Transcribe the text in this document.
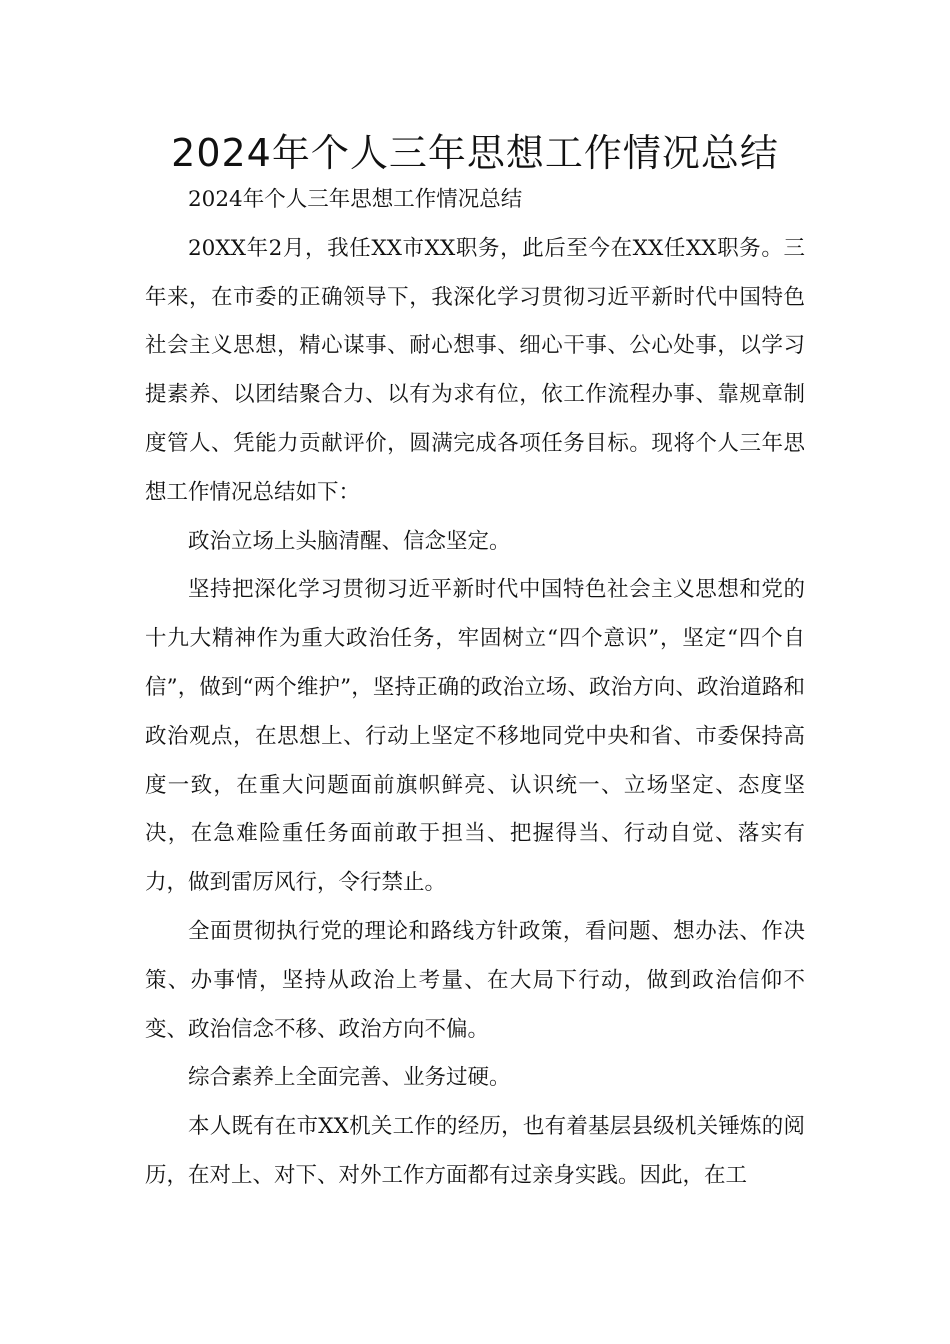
2024年个人三年思想工作情况总结

2024年个人三年思想工作情况总结

20XX年2月，我任XX市XX职务，此后至今在XX任XX职务。三年来，在市委的正确领导下，我深化学习贯彻习近平新时代中国特色社会主义思想，精心谋事、耐心想事、细心干事、公心处事，以学习提素养、以团结聚合力、以有为求有位，依工作流程办事、靠规章制度管人、凭能力贡献评价，圆满完成各项任务目标。现将个人三年思想工作情况总结如下：

政治立场上头脑清醒、信念坚定。

坚持把深化学习贯彻习近平新时代中国特色社会主义思想和党的十九大精神作为重大政治任务，牢固树立“四个意识”，坚定“四个自信”，做到“两个维护”，坚持正确的政治立场、政治方向、政治道路和政治观点，在思想上、行动上坚定不移地同党中央和省、市委保持高度一致，在重大问题面前旗帜鲜亮、认识统一、立场坚定、态度坚决，在急难险重任务面前敢于担当、把握得当、行动自觉、落实有力，做到雷厉风行，令行禁止。

全面贯彻执行党的理论和路线方针政策，看问题、想办法、作决策、办事情，坚持从政治上考量、在大局下行动，做到政治信仰不变、政治信念不移、政治方向不偏。

综合素养上全面完善、业务过硬。

本人既有在市XX机关工作的经历，也有着基层县级机关锤炼的阅历，在对上、对下、对外工作方面都有过亲身实践。因此，在工
